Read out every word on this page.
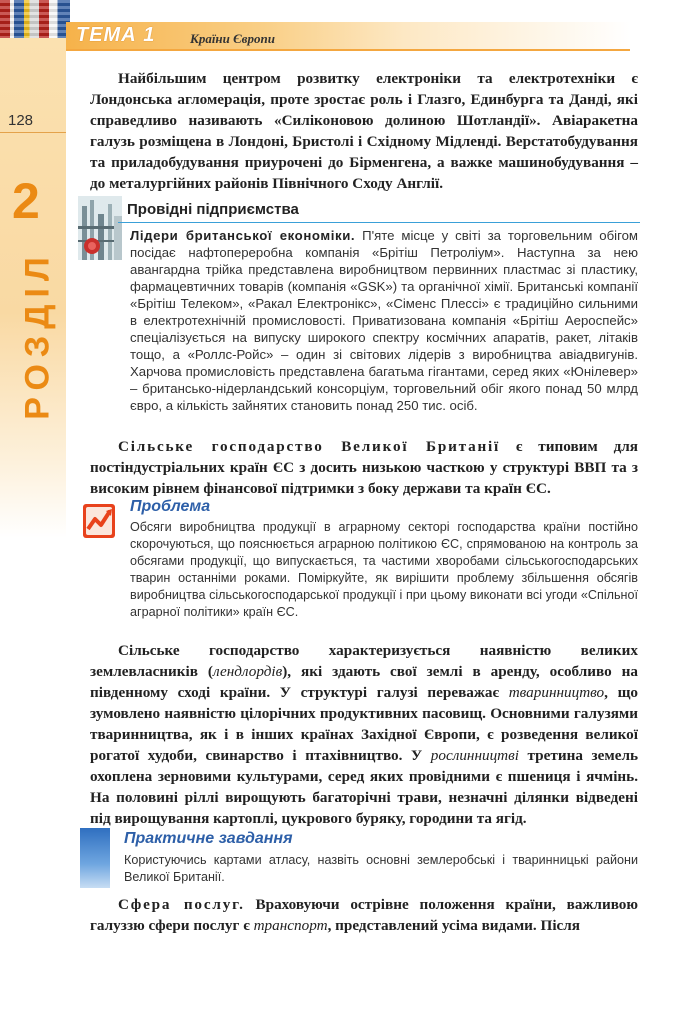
ТЕМА 1	Країни Європи
128
2
РОЗДІЛ

Найбільшим центром розвитку електроніки та електротехніки є Лондонська агломерація, проте зростає роль і Глазго, Единбурга та Данді, які справедливо називають «Силіконовою долиною Шотландії». Авіаракетна галузь розміщена в Лондоні, Бристолі і Східному Мідленді. Верстатобудування та приладобудування приурочені до Бірменгена, а важке машинобудування – до металургійних районів Північного Сходу Англії.

Провідні підприємства

Лідери британської економіки. П'яте місце у світі за торговельним обігом посідає нафтопереробна компанія «Брітіш Петроліум». Наступна за нею авангардна трійка представлена виробництвом первинних пластмас зі пластику, фармацевтичних товарів (компанія «GSK») та органічної хімії. Британські компанії «Брітіш Телеком», «Ракал Електронікс», «Сіменс Плессі» є традиційно сильними в електротехнічній промисловості. Приватизована компанія «Брітіш Аероспейс» спеціалізується на випуску широкого спектру космічних апаратів, ракет, літаків тощо, а «Роллс-Ройс» – один зі світових лідерів з виробництва авіадвигунів. Харчова промисловість представлена багатьма гігантами, серед яких «Юнілевер» – британсько-нідерландський консорціум, торговельний обіг якого понад 50 млрд євро, а кількість зайнятих становить понад 250 тис. осіб.

Сільське господарство Великої Британії є типовим для постіндустріальних країн ЄС з досить низькою часткою у структурі ВВП та з високим рівнем фінансової підтримки з боку держави та країн ЄС.

Проблема

Обсяги виробництва продукції в аграрному секторі господарства країни постійно скорочуються, що пояснюється аграрною політикою ЄС, спрямованою на контроль за обсягами продукції, що випускається, та частими хворобами сільськогосподарських тварин останніми роками. Поміркуйте, як вирішити проблему збільшення обсягів виробництва сільськогосподарської продукції і при цьому виконати всі угоди «Спільної аграрної політики» країн ЄС.

Сільське господарство характеризується наявністю великих землевласників (лендлордів), які здають свої землі в аренду, особливо на південному сході країни. У структурі галузі переважає тваринництво, що зумовлено наявністю цілорічних продуктивних пасовищ. Основними галузями тваринництва, як і в інших країнах Західної Європи, є розведення великої рогатої худоби, свинарство і птахівництво. У рослинництві третина земель охоплена зерновими культурами, серед яких провідними є пшениця і ячмінь. На половині ріллі вирощують багаторічні трави, незначні ділянки відведені під вирощування картоплі, цукрового буряку, городини та ягід.

Практичне завдання

Користуючись картами атласу, назвіть основні землеробські і тваринницькі райони Великої Британії.

Сфера послуг. Враховуючи острівне положення країни, важливою галуззю сфери послуг є транспорт, представлений усіма видами. Після
